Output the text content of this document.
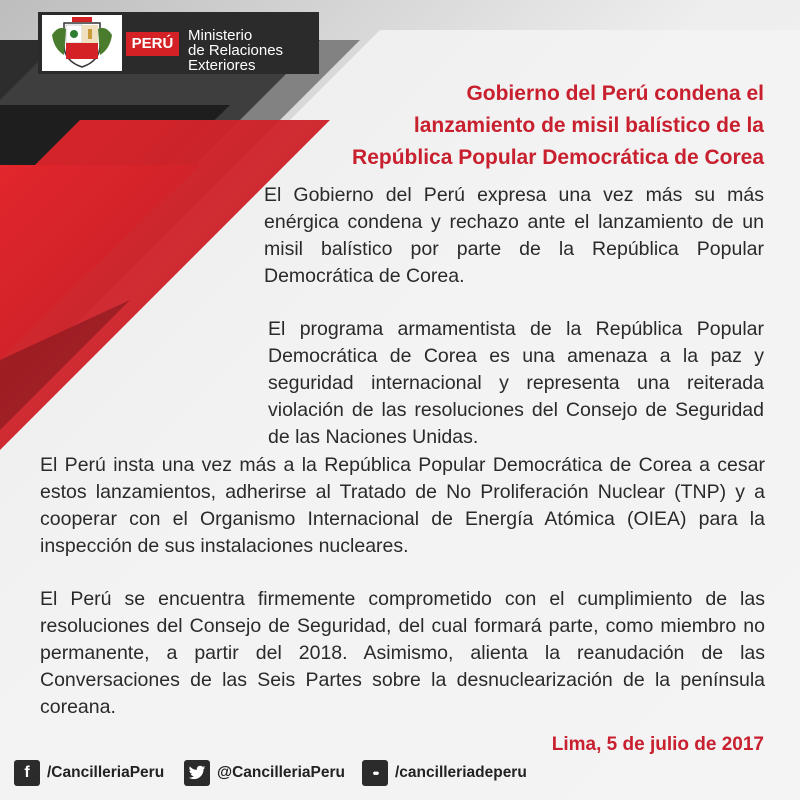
PERÚ Ministerio
de Relaciones Exteriores
Gobierno del Perú condena el
lanzamiento de misil balístico de la
República Popular Democrática de Corea

El Gobierno del Perú expresa una vez más su más enérgica condena y rechazo ante el lanzamiento de un misil balístico por parte de la República Popular Democrática de Corea.

El programa armamentista de la República Popular Democrática de Corea es una amenaza a la paz y seguridad internacional y representa una reiterada violación de las resoluciones del Consejo de Seguridad de las Naciones Unidas.

El Perú insta una vez más a la República Popular Democrática de Corea a cesar estos lanzamientos, adherirse al Tratado de No Proliferación Nuclear (TNP) y a cooperar con el Organismo Internacional de Energía Atómica (OIEA) para la inspección de sus instalaciones nucleares.

El Perú se encuentra firmemente comprometido con el cumplimiento de las resoluciones del Consejo de Seguridad, del cual formará parte, como miembro no permanente, a partir del 2018. Asimismo, alienta la reanudación de las Conversaciones de las Seis Partes sobre la desnuclearización de la península coreana.

Lima, 5 de julio de 2017
f	/CancilleriaPeru	@CancilleriaPeru	••	/cancilleriadeperu
